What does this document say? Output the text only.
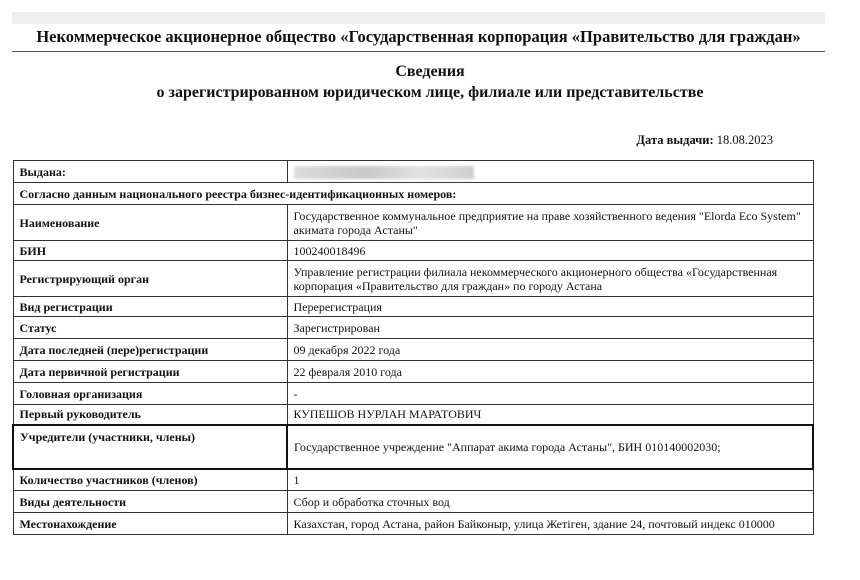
Некоммерческое акционерное общество «Государственная корпорация «Правительство для граждан»
Сведения
о зарегистрированном юридическом лице, филиале или представительстве
Дата выдачи: 18.08.2023
Выдана:	
Согласно данным национального реестра бизнес-идентификационных номеров:	
Наименование	Государственное коммунальное предприятие на праве хозяйственного ведения "Elorda Eco System" акимата города Астаны"
БИН	100240018496
Регистрирующий орган	Управление регистрации филиала некоммерческого акционерного общества «Государственная корпорация «Правительство для граждан» по городу Астана
Вид регистрации	Перерегистрация
Статус	Зарегистрирован
Дата последней (пере)регистрации	09 декабря 2022 года
Дата первичной регистрации	22 февраля 2010 года
Головная организация	-
Первый руководитель	КУПЕШОВ НУРЛАН МАРАТОВИЧ
Учредители (участники, члены)	Государственное учреждение "Аппарат акима города Астаны", БИН 010140002030;
Количество участников (членов)	1
Виды деятельности	Сбор и обработка сточных вод
Местонахождение	Казахстан, город Астана, район Байконыр, улица Жетiген, здание 24, почтовый индекс 010000
